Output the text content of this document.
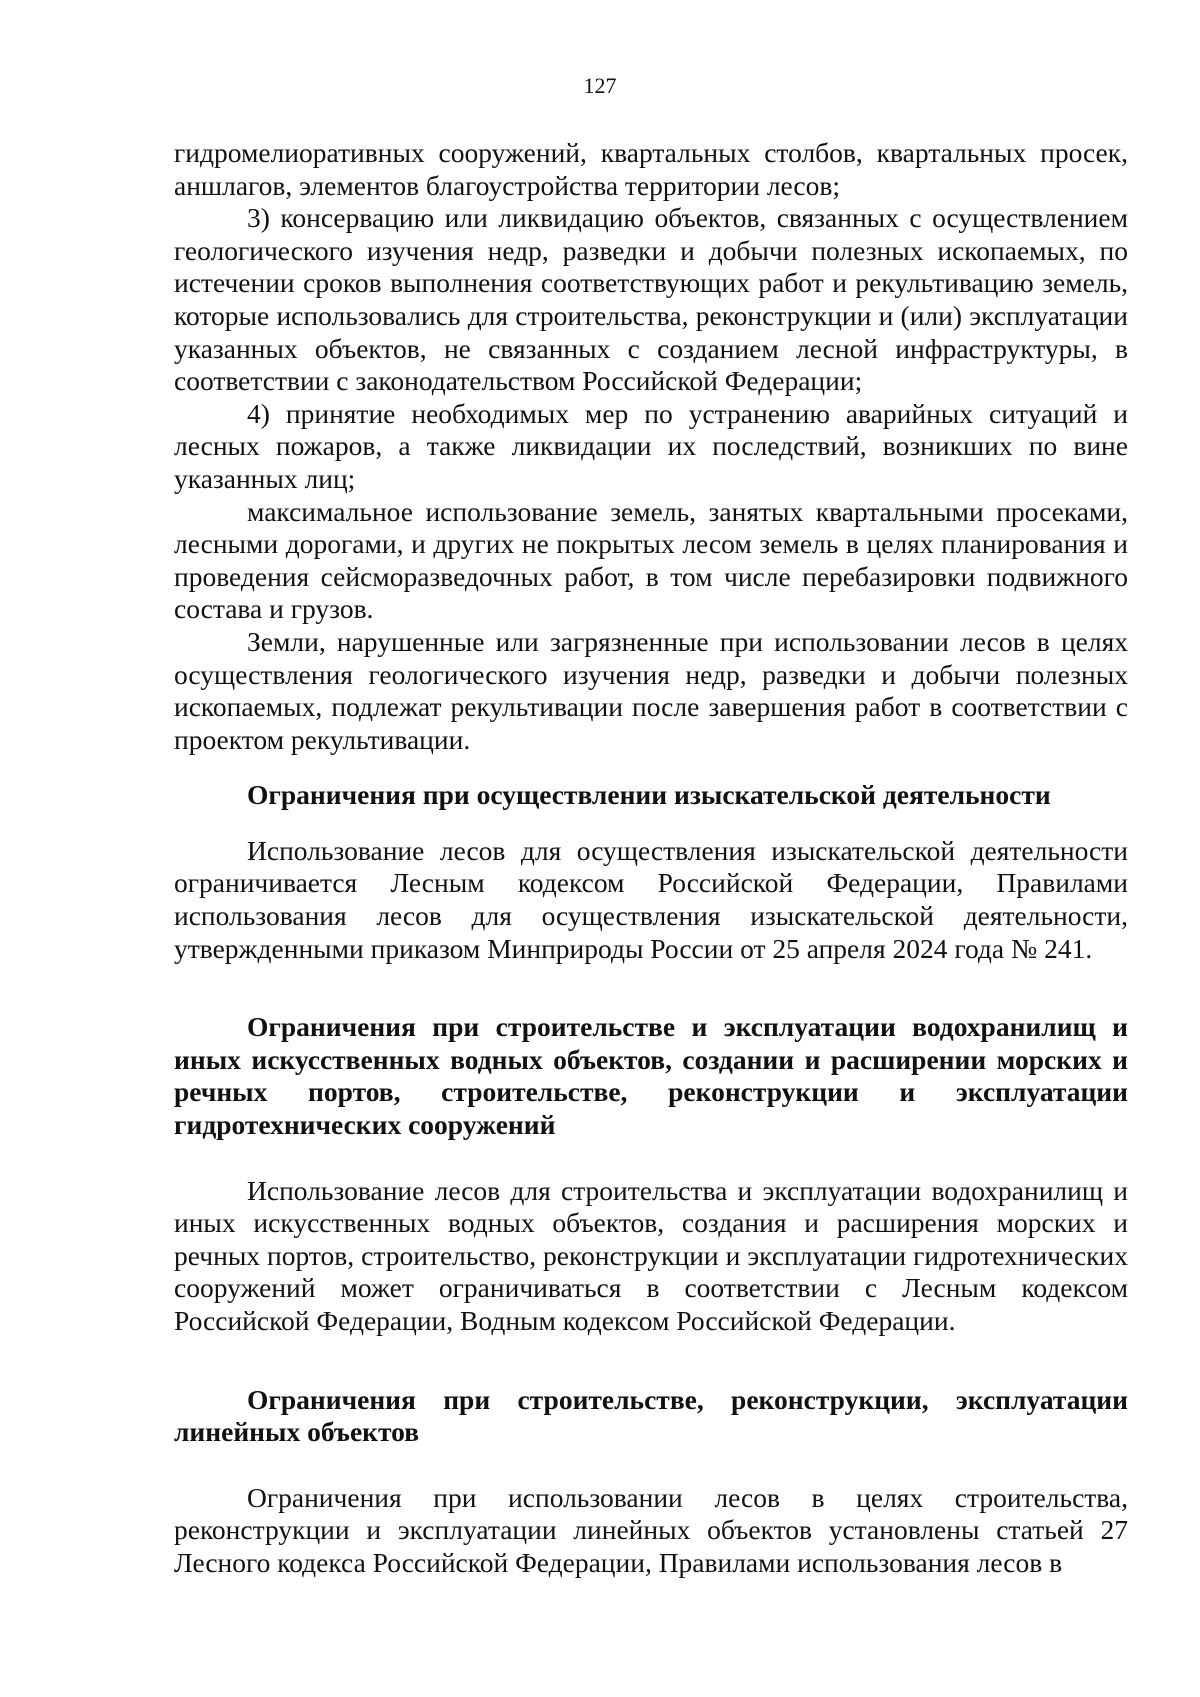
127

гидромелиоративных сооружений, квартальных столбов, квартальных просек, аншлагов, элементов благоустройства территории лесов;

3) консервацию или ликвидацию объектов, связанных с осуществлением геологического изучения недр, разведки и добычи полезных ископаемых, по истечении сроков выполнения соответствующих работ и рекультивацию земель, которые использовались для строительства, реконструкции и (или) эксплуатации указанных объектов, не связанных с созданием лесной инфраструктуры, в соответствии с законодательством Российской Федерации;

4) принятие необходимых мер по устранению аварийных ситуаций и лесных пожаров, а также ликвидации их последствий, возникших по вине указанных лиц;

максимальное использование земель, занятых квартальными просеками, лесными дорогами, и других не покрытых лесом земель в целях планирования и проведения сейсморазведочных работ, в том числе перебазировки подвижного состава и грузов.

Земли, нарушенные или загрязненные при использовании лесов в целях осуществления геологического изучения недр, разведки и добычи полезных ископаемых, подлежат рекультивации после завершения работ в соответствии с проектом рекультивации.

Ограничения при осуществлении изыскательской деятельности

Использование лесов для осуществления изыскательской деятельности ограничивается Лесным кодексом Российской Федерации, Правилами использования лесов для осуществления изыскательской деятельности, утвержденными приказом Минприроды России от 25 апреля 2024 года № 241.

Ограничения при строительстве и эксплуатации водохранилищ и иных искусственных водных объектов, создании и расширении морских и речных портов, строительстве, реконструкции и эксплуатации гидротехнических сооружений

Использование лесов для строительства и эксплуатации водохранилищ и иных искусственных водных объектов, создания и расширения морских и речных портов, строительство, реконструкции и эксплуатации гидротехнических сооружений может ограничиваться в соответствии с Лесным кодексом Российской Федерации, Водным кодексом Российской Федерации.

Ограничения при строительстве, реконструкции, эксплуатации линейных объектов

Ограничения при использовании лесов в целях строительства, реконструкции и эксплуатации линейных объектов установлены статьей 27 Лесного кодекса Российской Федерации, Правилами использования лесов в
